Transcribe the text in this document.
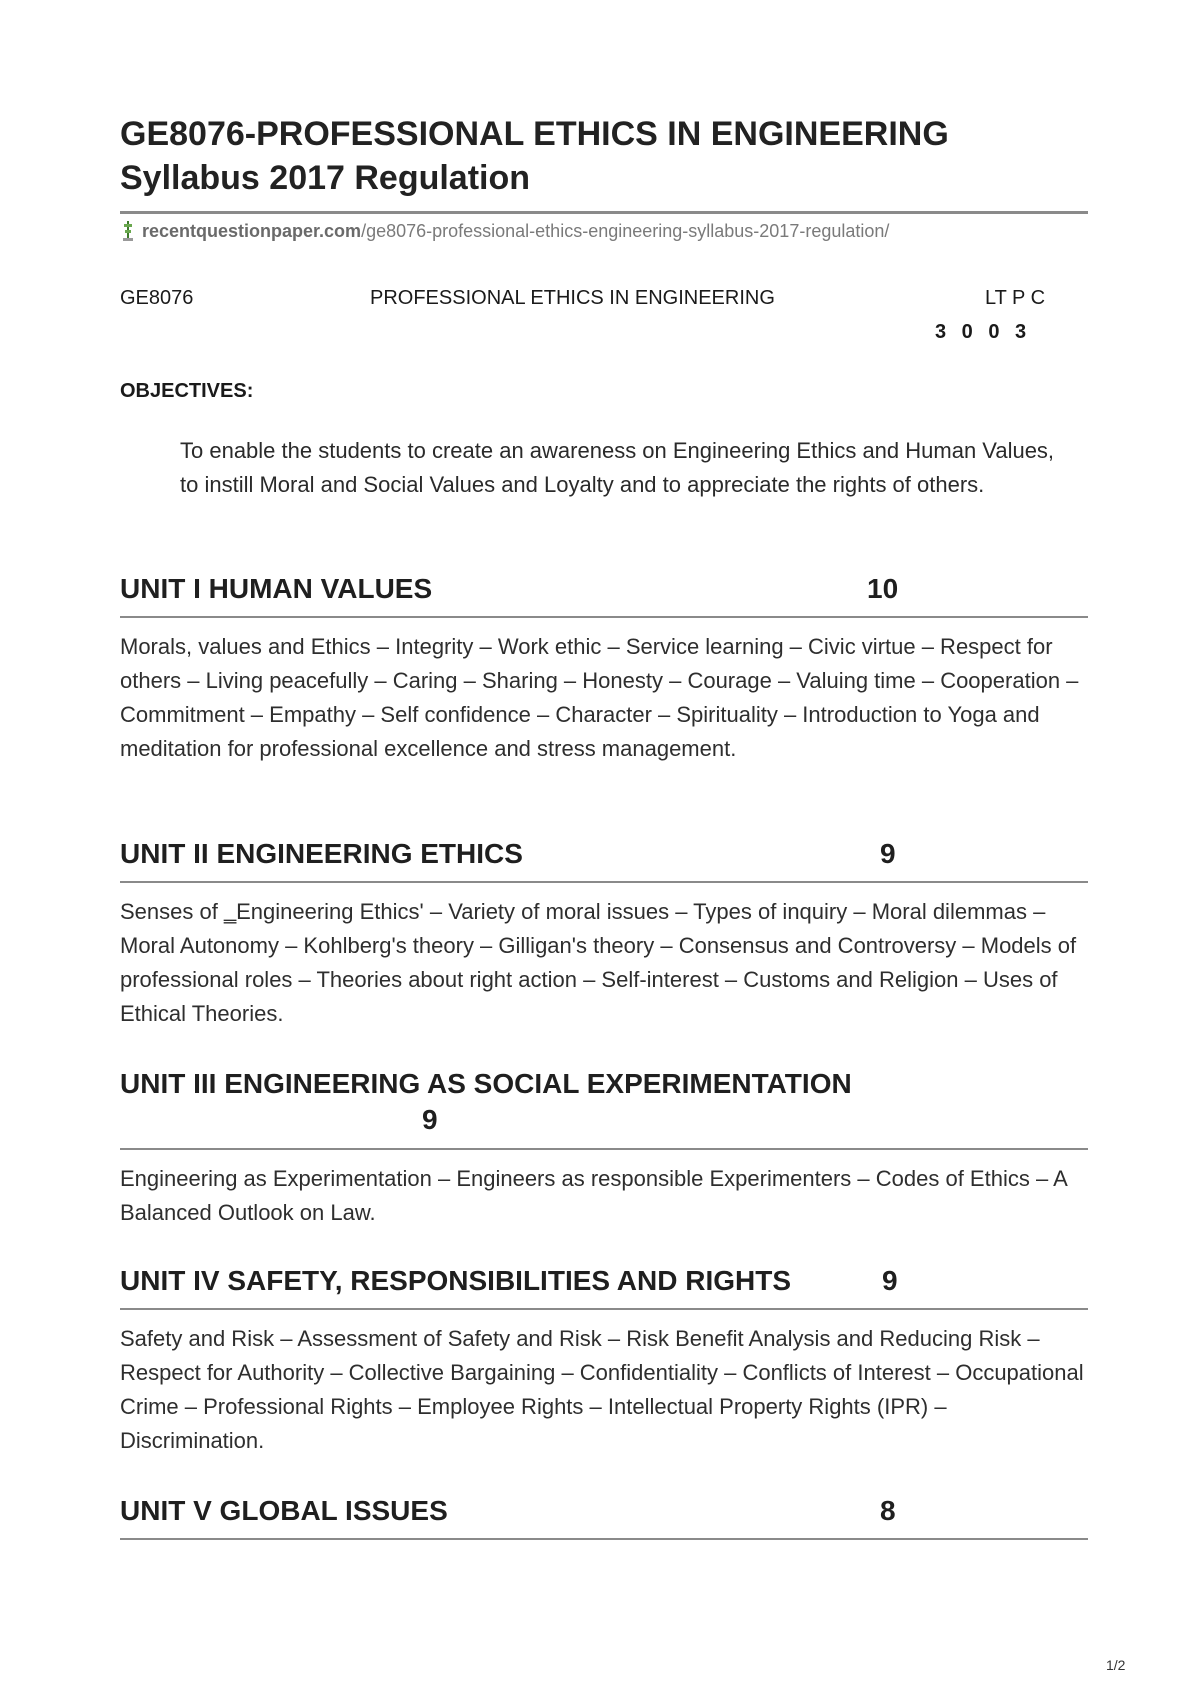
GE8076-PROFESSIONAL ETHICS IN ENGINEERING Syllabus 2017 Regulation
recentquestionpaper.com /ge8076-professional-ethics-engineering-syllabus-2017-regulation/
GE8076	PROFESSIONAL ETHICS IN ENGINEERING	LT P C
3 0 0 3
OBJECTIVES:
To enable the students to create an awareness on Engineering Ethics and Human Values,
to instill Moral and Social Values and Loyalty and to appreciate the rights of others.
UNIT I HUMAN VALUES	10
Morals, values and Ethics – Integrity – Work ethic – Service learning – Civic virtue – Respect for others – Living peacefully – Caring – Sharing – Honesty – Courage – Valuing time – Cooperation – Commitment – Empathy – Self confidence – Character – Spirituality – Introduction to Yoga and meditation for professional excellence and stress management.
UNIT II ENGINEERING ETHICS	9
Senses of ‗Engineering Ethics' – Variety of moral issues – Types of inquiry – Moral dilemmas – Moral Autonomy – Kohlberg's theory – Gilligan's theory – Consensus and Controversy – Models of professional roles – Theories about right action – Self-interest – Customs and Religion – Uses of Ethical Theories.
UNIT III ENGINEERING AS SOCIAL EXPERIMENTATION
9
Engineering as Experimentation – Engineers as responsible Experimenters – Codes of Ethics – A Balanced Outlook on Law.
UNIT IV SAFETY, RESPONSIBILITIES AND RIGHTS	9
Safety and Risk – Assessment of Safety and Risk – Risk Benefit Analysis and Reducing Risk – Respect for Authority – Collective Bargaining – Confidentiality – Conflicts of Interest – Occupational Crime – Professional Rights – Employee Rights – Intellectual Property Rights (IPR) – Discrimination.
UNIT V GLOBAL ISSUES	8
1/2
